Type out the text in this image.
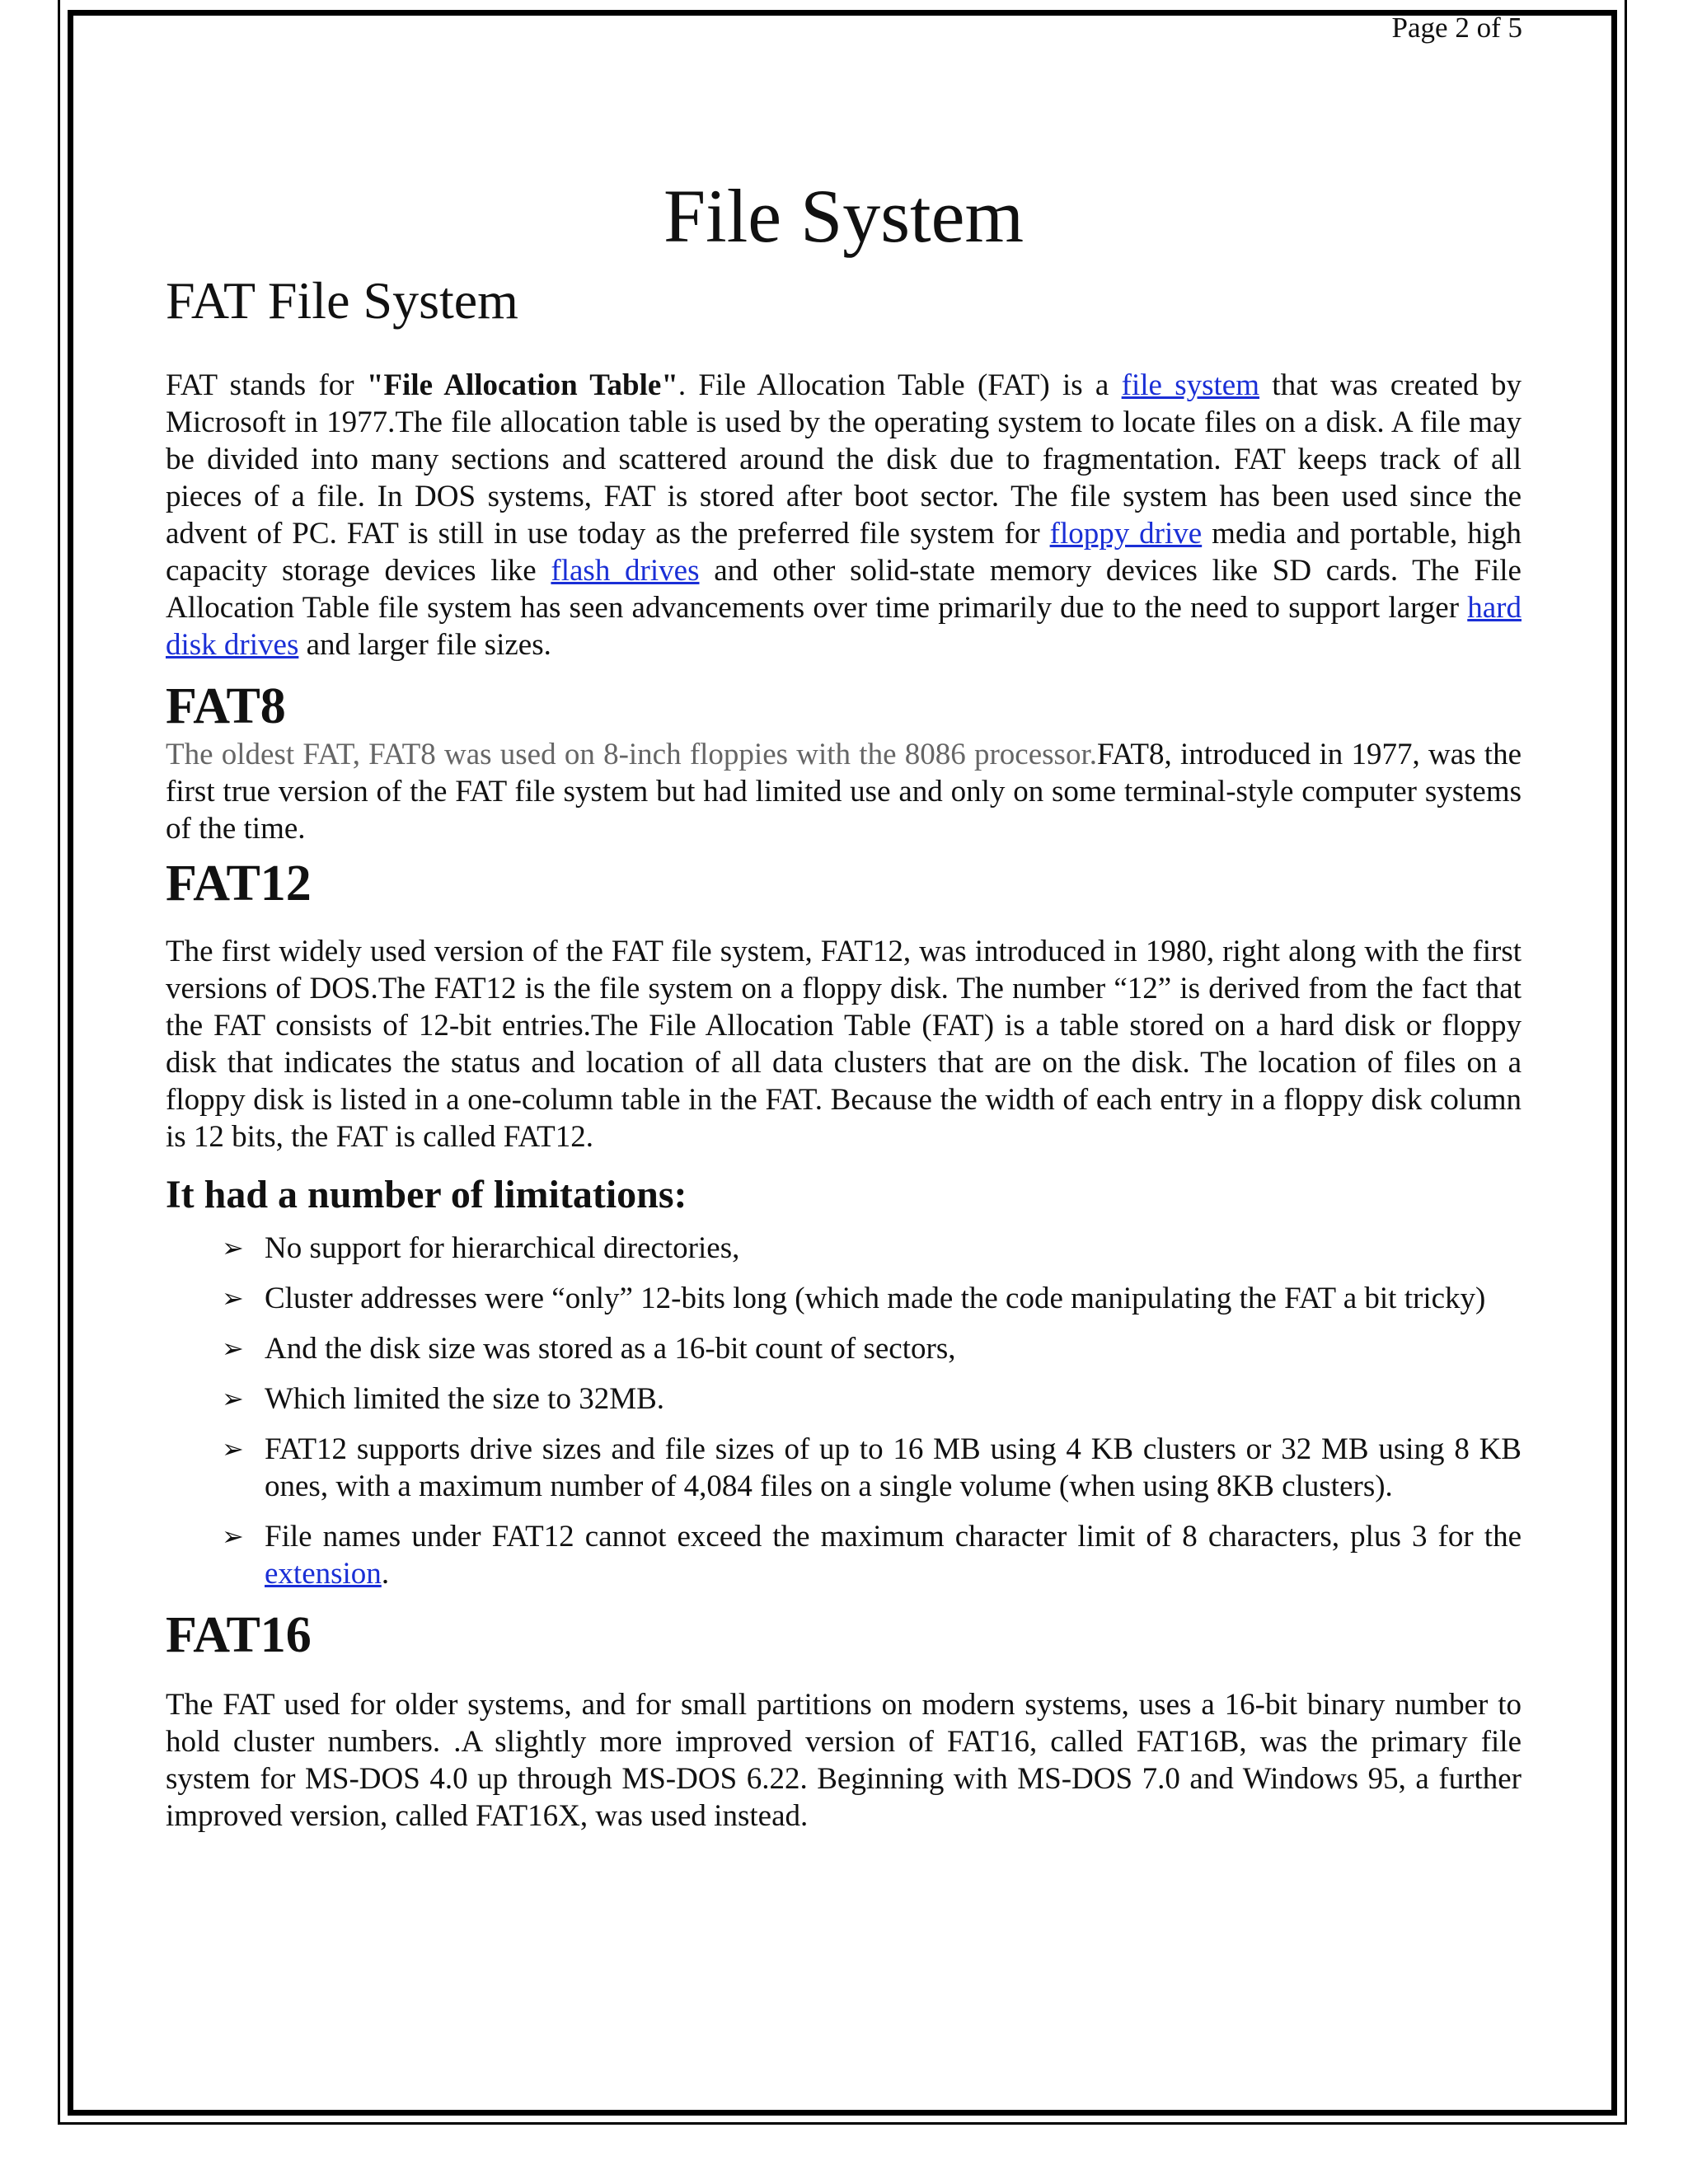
Page 2 of 5
File System
FAT File System

FAT stands for "File Allocation Table". File Allocation Table (FAT) is a file system that was created by Microsoft in 1977.The file allocation table is used by the operating system to locate files on a disk. A file may be divided into many sections and scattered around the disk due to fragmentation. FAT keeps track of all pieces of a file. In DOS systems, FAT is stored after boot sector. The file system has been used since the advent of PC. FAT is still in use today as the preferred file system for floppy drive media and portable, high capacity storage devices like flash drives and other solid-state memory devices like SD cards. The File Allocation Table file system has seen advancements over time primarily due to the need to support larger hard disk drives and larger file sizes.

FAT8

The oldest FAT, FAT8 was used on 8-inch floppies with the 8086 processor.FAT8, introduced in 1977, was the first true version of the FAT file system but had limited use and only on some terminal-style computer systems of the time.

FAT12

The first widely used version of the FAT file system, FAT12, was introduced in 1980, right along with the first versions of DOS.The FAT12 is the file system on a floppy disk. The number “12” is derived from the fact that the FAT consists of 12-bit entries.The File Allocation Table (FAT) is a table stored on a hard disk or floppy disk that indicates the status and location of all data clusters that are on the disk. The location of files on a floppy disk is listed in a one-column table in the FAT. Because the width of each entry in a floppy disk column is 12 bits, the FAT is called FAT12.

It had a number of limitations:
➢ No support for hierarchical directories,
➢ Cluster addresses were “only” 12-bits long (which made the code manipulating the FAT a bit tricky)
➢ And the disk size was stored as a 16-bit count of sectors,
➢ Which limited the size to 32MB.
➢ FAT12 supports drive sizes and file sizes of up to 16 MB using 4 KB clusters or 32 MB using 8 KB ones, with a maximum number of 4,084 files on a single volume (when using 8KB clusters).
➢ File names under FAT12 cannot exceed the maximum character limit of 8 characters, plus 3 for the extension.
FAT16

The FAT used for older systems, and for small partitions on modern systems, uses a 16-bit binary number to hold cluster numbers. .A slightly more improved version of FAT16, called FAT16B, was the primary file system for MS-DOS 4.0 up through MS-DOS 6.22. Beginning with MS-DOS 7.0 and Windows 95, a further improved version, called FAT16X, was used instead.
